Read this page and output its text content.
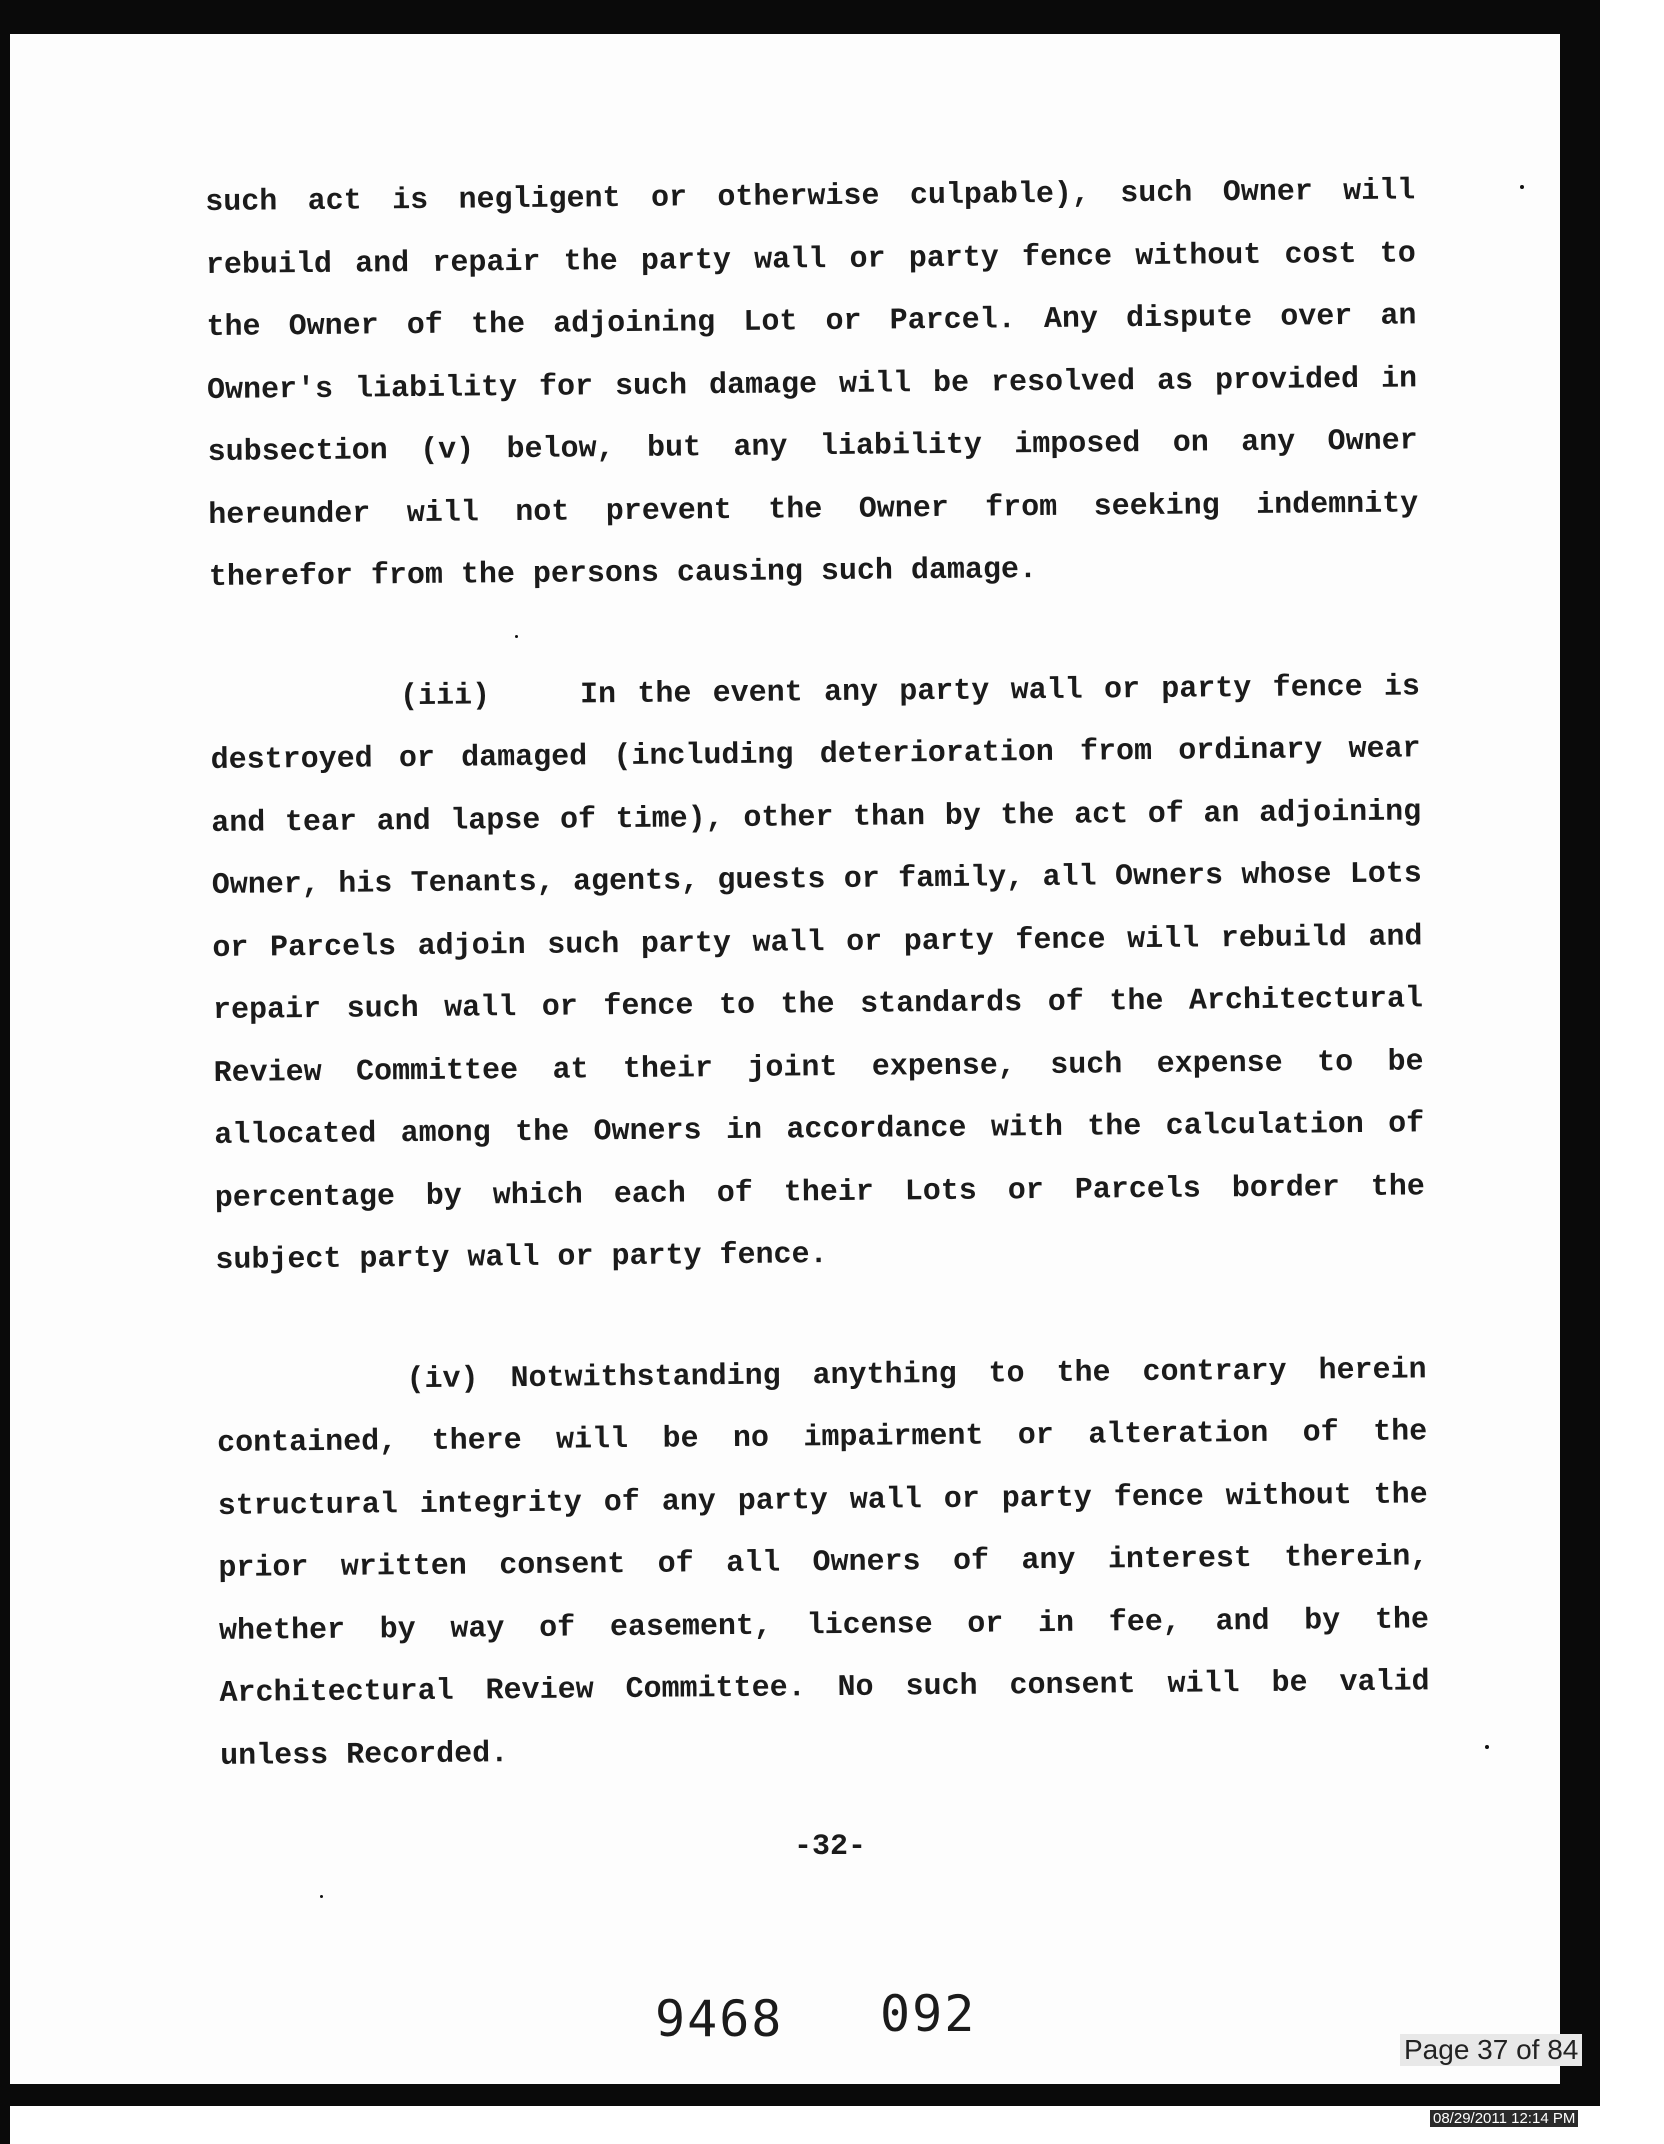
such act is negligent or otherwise culpable), such Owner will rebuild and repair the party wall or party fence without cost to the Owner of the adjoining Lot or Parcel. Any dispute over an Owner's liability for such damage will be resolved as provided in subsection (v) below, but any liability imposed on any Owner hereunder will not prevent the Owner from seeking indemnity therefor from the persons causing such damage.

(iii)	In the event any party wall or party fence is destroyed or damaged (including deterioration from ordinary wear and tear and lapse of time), other than by the act of an adjoining Owner, his Tenants, agents, guests or family, all Owners whose Lots or Parcels adjoin such party wall or party fence will rebuild and repair such wall or fence to the standards of the Architectural Review Committee at their joint expense, such expense to be allocated among the Owners in accordance with the calculation of percentage by which each of their Lots or Parcels border the subject party wall or party fence.

(iv) Notwithstanding anything to the contrary herein contained, there will be no impairment or alteration of the structural integrity of any party wall or party fence without the prior written consent of all Owners of any interest therein, whether by way of easement, license or in fee, and by the Architectural Review Committee. No such consent will be valid unless Recorded.

-32-
9468 092
Page 37 of 84
08/29/2011 12:14 PM
